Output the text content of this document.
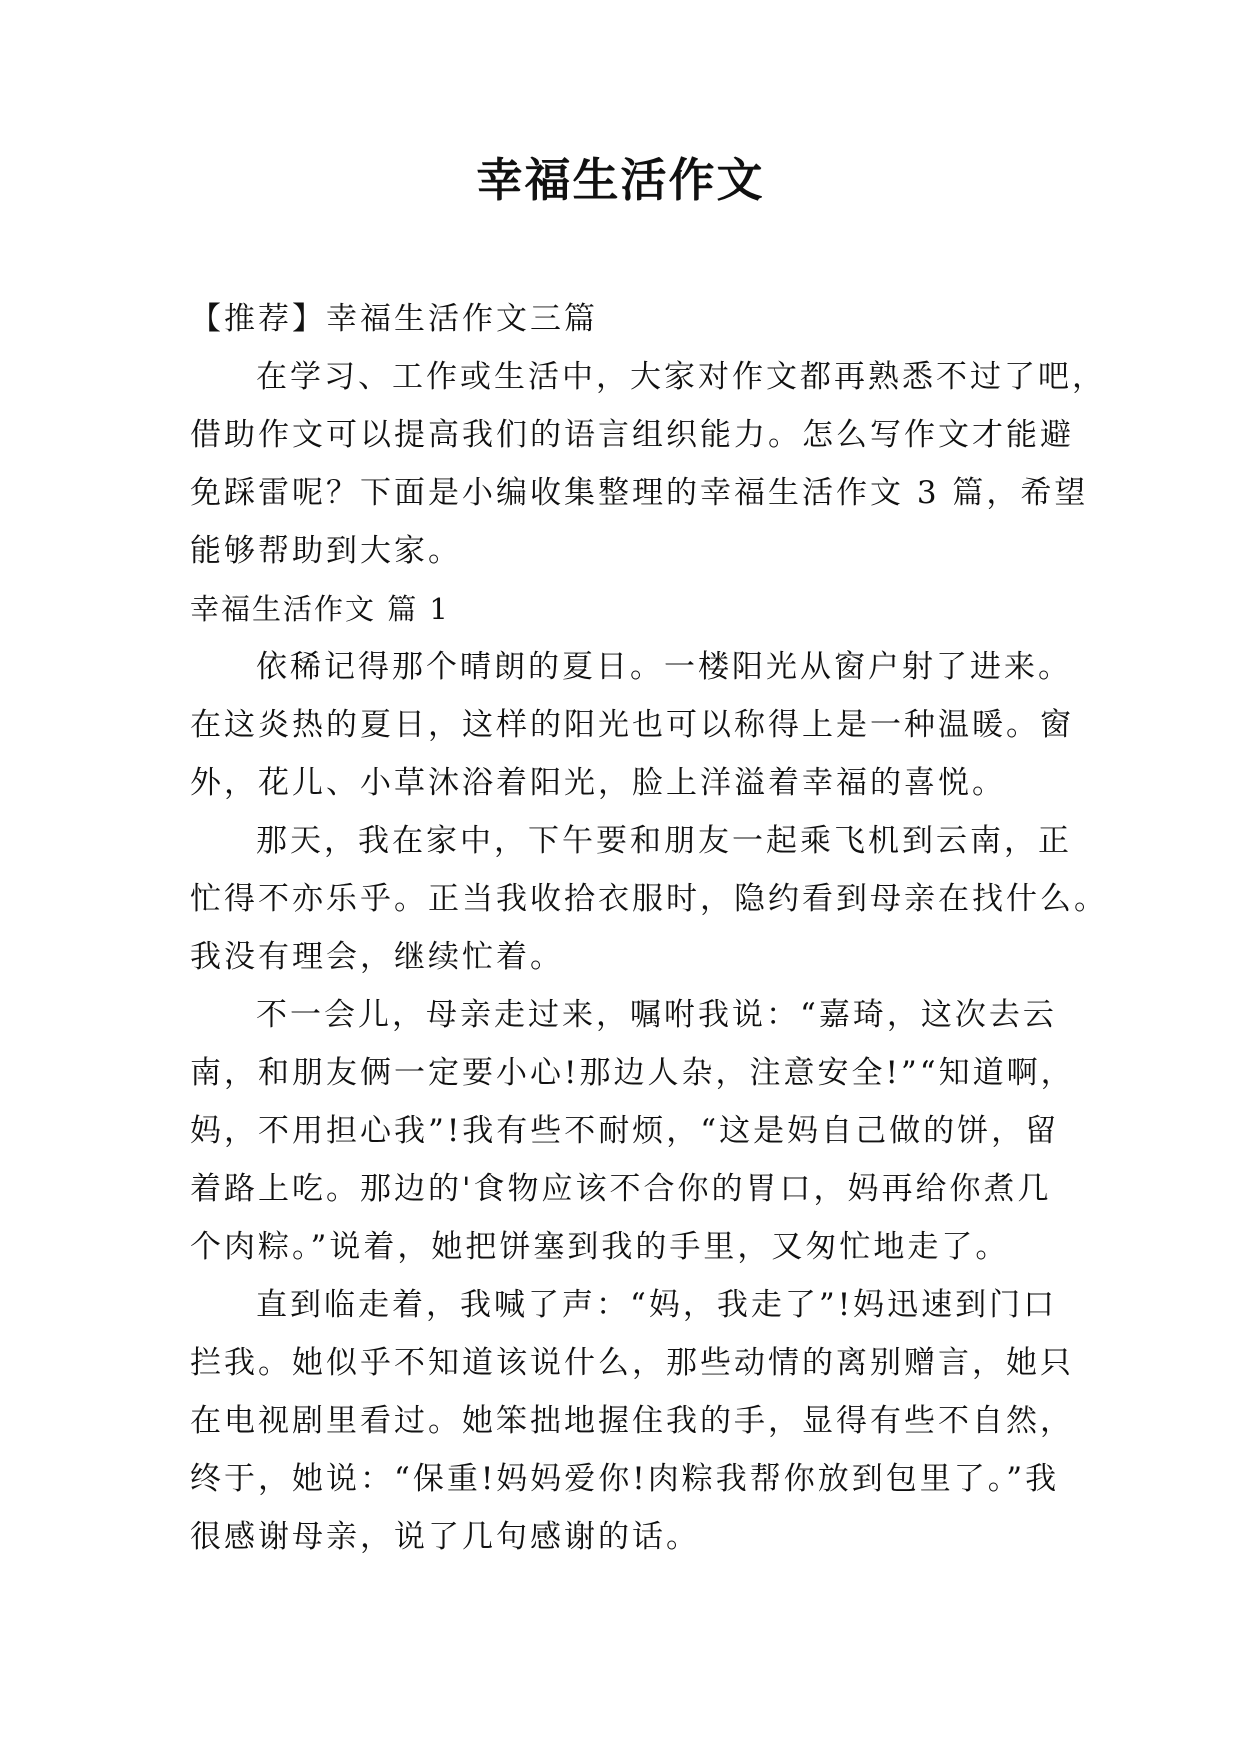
幸福生活作文
【推荐】幸福生活作文三篇
在学习、工作或生活中，大家对作文都再熟悉不过了吧，
借助作文可以提高我们的语言组织能力。怎么写作文才能避
免踩雷呢？下面是小编收集整理的幸福生活作文 3 篇，希望
能够帮助到大家。
幸福生活作文 篇 1
依稀记得那个晴朗的夏日。一楼阳光从窗户射了进来。
在这炎热的夏日，这样的阳光也可以称得上是一种温暖。窗
外，花儿、小草沐浴着阳光，脸上洋溢着幸福的喜悦。
那天，我在家中，下午要和朋友一起乘飞机到云南，正
忙得不亦乐乎。正当我收拾衣服时，隐约看到母亲在找什么。
我没有理会，继续忙着。
不一会儿，母亲走过来，嘱咐我说：“嘉琦，这次去云
南，和朋友俩一定要小心!那边人杂，注意安全!”“知道啊，
妈，不用担心我”!我有些不耐烦，“这是妈自己做的饼，留
着路上吃。那边的'食物应该不合你的胃口，妈再给你煮几
个肉粽。”说着，她把饼塞到我的手里，又匆忙地走了。
直到临走着，我喊了声：“妈，我走了”!妈迅速到门口
拦我。她似乎不知道该说什么，那些动情的离别赠言，她只
在电视剧里看过。她笨拙地握住我的手，显得有些不自然，
终于，她说：“保重!妈妈爱你!肉粽我帮你放到包里了。”我
很感谢母亲，说了几句感谢的话。
